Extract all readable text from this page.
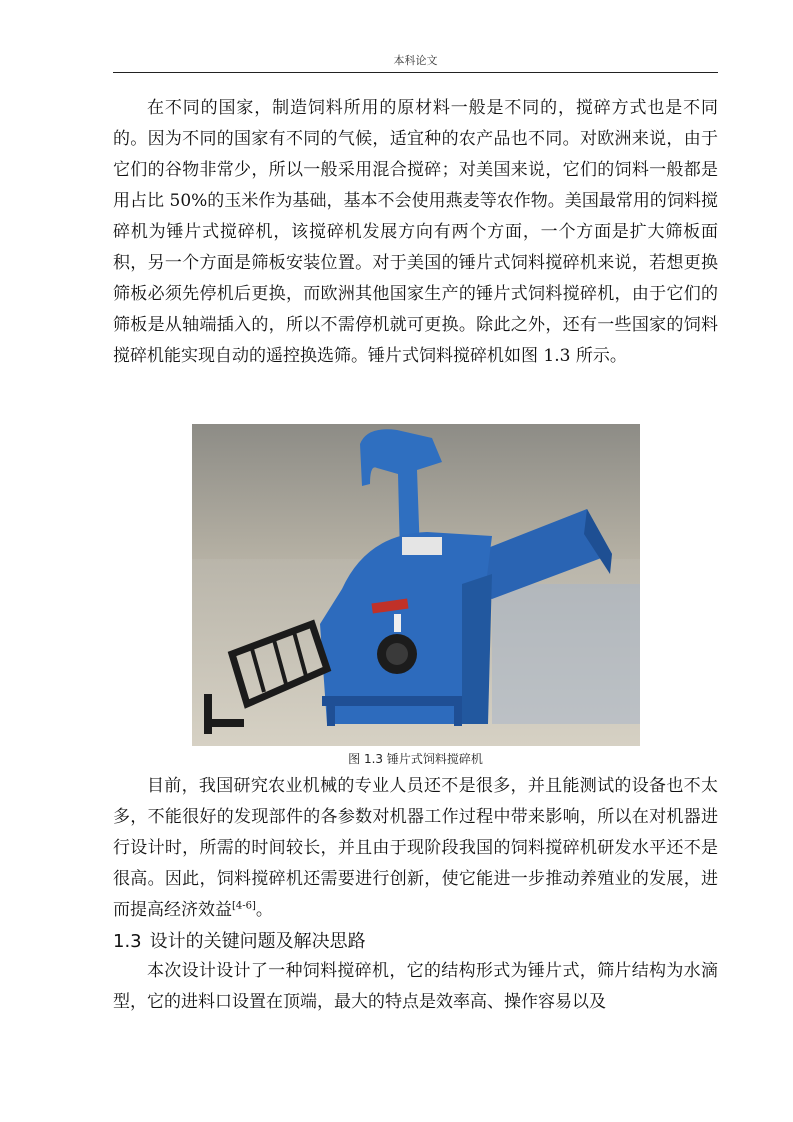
本科论文

在不同的国家，制造饲料所用的原材料一般是不同的，搅碎方式也是不同的。因为不同的国家有不同的气候，适宜种的农产品也不同。对欧洲来说，由于它们的谷物非常少，所以一般采用混合搅碎；对美国来说，它们的饲料一般都是用占比 50%的玉米作为基础，基本不会使用燕麦等农作物。美国最常用的饲料搅碎机为锤片式搅碎机，该搅碎机发展方向有两个方面，一个方面是扩大筛板面积，另一个方面是筛板安装位置。对于美国的锤片式饲料搅碎机来说，若想更换筛板必须先停机后更换，而欧洲其他国家生产的锤片式饲料搅碎机，由于它们的筛板是从轴端插入的，所以不需停机就可更换。除此之外，还有一些国家的饲料搅碎机能实现自动的遥控换选筛。锤片式饲料搅碎机如图 1.3 所示。

图 1.3 锤片式饲料搅碎机

目前，我国研究农业机械的专业人员还不是很多，并且能测试的设备也不太多，不能很好的发现部件的各参数对机器工作过程中带来影响，所以在对机器进行设计时，所需的时间较长，并且由于现阶段我国的饲料搅碎机研发水平还不是很高。因此，饲料搅碎机还需要进行创新，使它能进一步推动养殖业的发展，进而提高经济效益[4-6]。

1.3 设计的关键问题及解决思路

本次设计设计了一种饲料搅碎机，它的结构形式为锤片式，筛片结构为水滴型，它的进料口设置在顶端，最大的特点是效率高、操作容易以及
